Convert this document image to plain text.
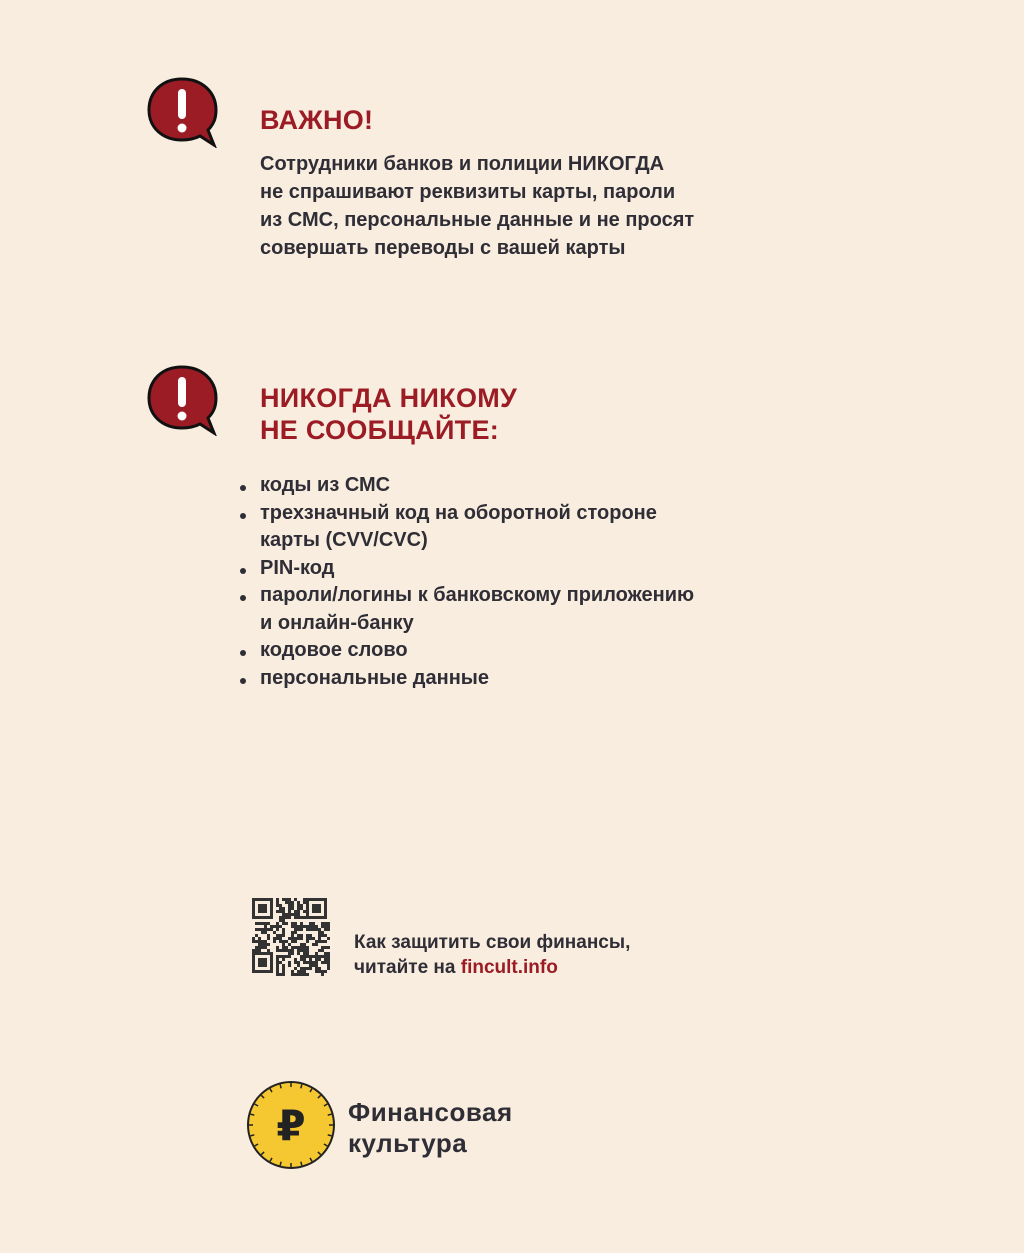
ВАЖНО!
Сотрудники банков и полиции НИКОГДА
не спрашивают реквизиты карты, пароли
из СМС, персональные данные и не просят
совершать переводы с вашей карты
НИКОГДА НИКОМУ
НЕ СООБЩАЙТЕ:
коды из СМС
трехзначный код на оборотной стороне
карты (CVV/CVC)
PIN-код
пароли/логины к банковскому приложению
и онлайн-банку
кодовое слово
персональные данные
Как защитить свои финансы,
читайте на fincult.info
₽ Финансовая
культура
